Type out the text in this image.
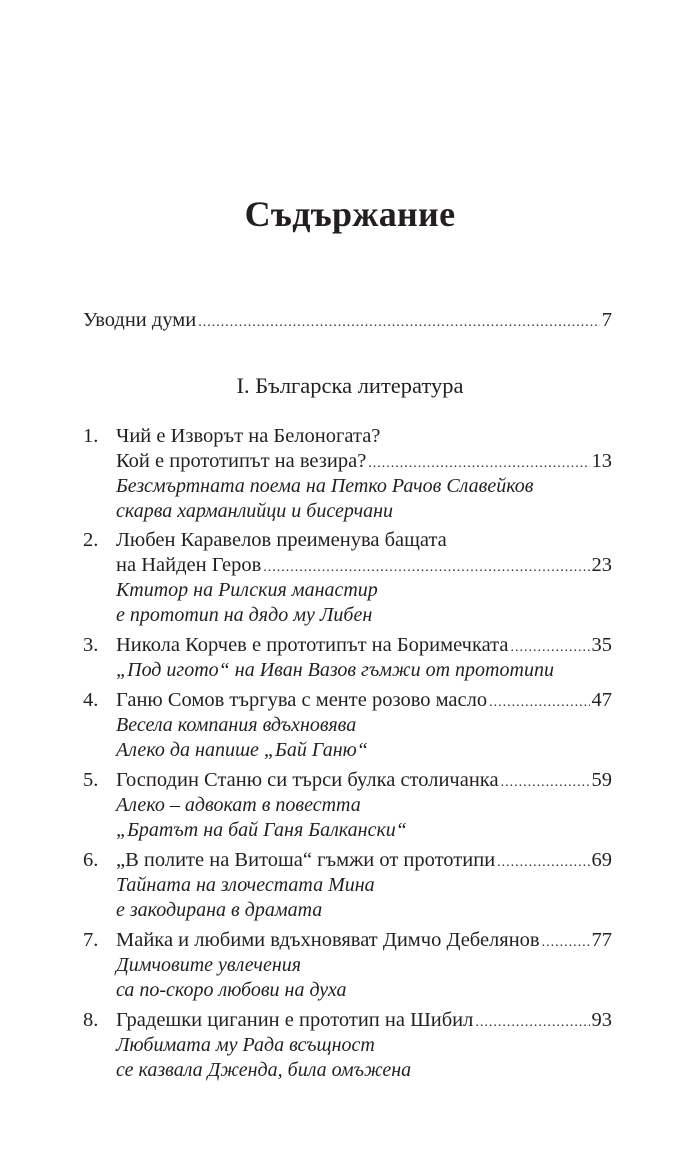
Съдържание
Уводни думи .....	7
I. Българска литература
1. Чий е Изворът на Белоногата?
Кой е прототипът на везира? .....	13
Безсмъртната поема на Петко Рачов Славейков
скарва харманлийци и бисерчани
2. Любен Каравелов преименува бащата
на Найден Геров .....	23
Ктитор на Рилския манастир
е прототип на дядо му Либен
3. Никола Корчев е прототипът на Боримечката .....	35
„Под игото“ на Иван Вазов гъмжи от прототипи
4. Ганю Сомов търгува с менте розово масло .....	47
Весела компания вдъхновява
Алеко да напише „Бай Ганю“
5. Господин Станю си търси булка столичанка .....	59
Алеко – адвокат в повестта
„Братът на бай Ганя Балкански“
6. „В полите на Витоша“ гъмжи от прототипи .....	69
Тайната на злочестата Мина
е закодирана в драмата
7. Майка и любими вдъхновяват Димчо Дебелянов .....	77
Димчовите увлечения
са по-скоро любови на духа
8. Градешки циганин е прототип на Шибил .....	93
Любимата му Рада всъщност
се казвала Дженда, била омъжена
